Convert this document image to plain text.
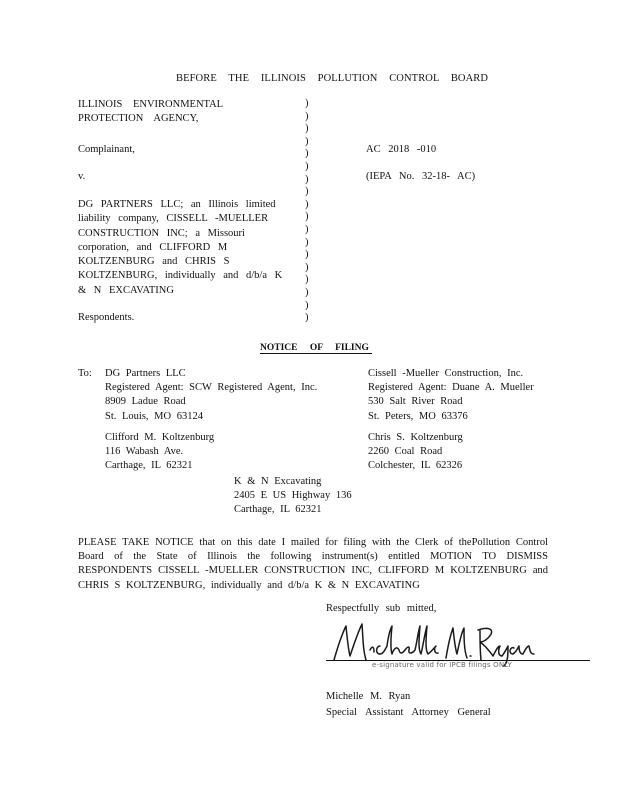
BEFORE THE ILLINOIS POLLUTION CONTROL BOARD
ILLINOIS ENVIRONMENTAL
PROTECTION AGENCY,
Complainant,
v.
DG PARTNERS LLC; an Illinois limited
liability company, CISSELL -MUELLER
CONSTRUCTION INC; a Missouri
corporation, and CLIFFORD M
KOLTZENBURG and CHRIS S
KOLTZENBURG, individually and d/b/a K
& N EXCAVATING
Respondents.
)
)
)
)
)
)
)
)
)
)
)
)
)
)
)
)
)
)
AC 2018 -010
(IEPA No. 32-18- AC)
NOTICE OF FILING
To: DG Partners LLC
Registered Agent: SCW Registered Agent, Inc.
8909 Ladue Road
St. Louis, MO 63124
Cissell -Mueller Construction, Inc.
Registered Agent: Duane A. Mueller
530 Salt River Road
St. Peters, MO 63376
Clifford M. Koltzenburg
116 Wabash Ave.
Carthage, IL 62321
Chris S. Koltzenburg
2260 Coal Road
Colchester, IL 62326
K & N Excavating
2405 E US Highway 136
Carthage, IL 62321
PLEASE TAKE NOTICE that on this date I mailed for filing with the Clerk of thePollution Control Board of the State of Illinois the following instrument(s) entitled MOTION TO DISMISS RESPONDENTS CISSELL -MUELLER CONSTRUCTION INC, CLIFFORD M KOLTZENBURG and CHRIS S KOLTZENBURG, individually and d/b/a K & N EXCAVATING
Respectfully sub mitted,
e-signature valid for IPCB filings ONLY
Michelle M. Ryan
Special Assistant Attorney General
